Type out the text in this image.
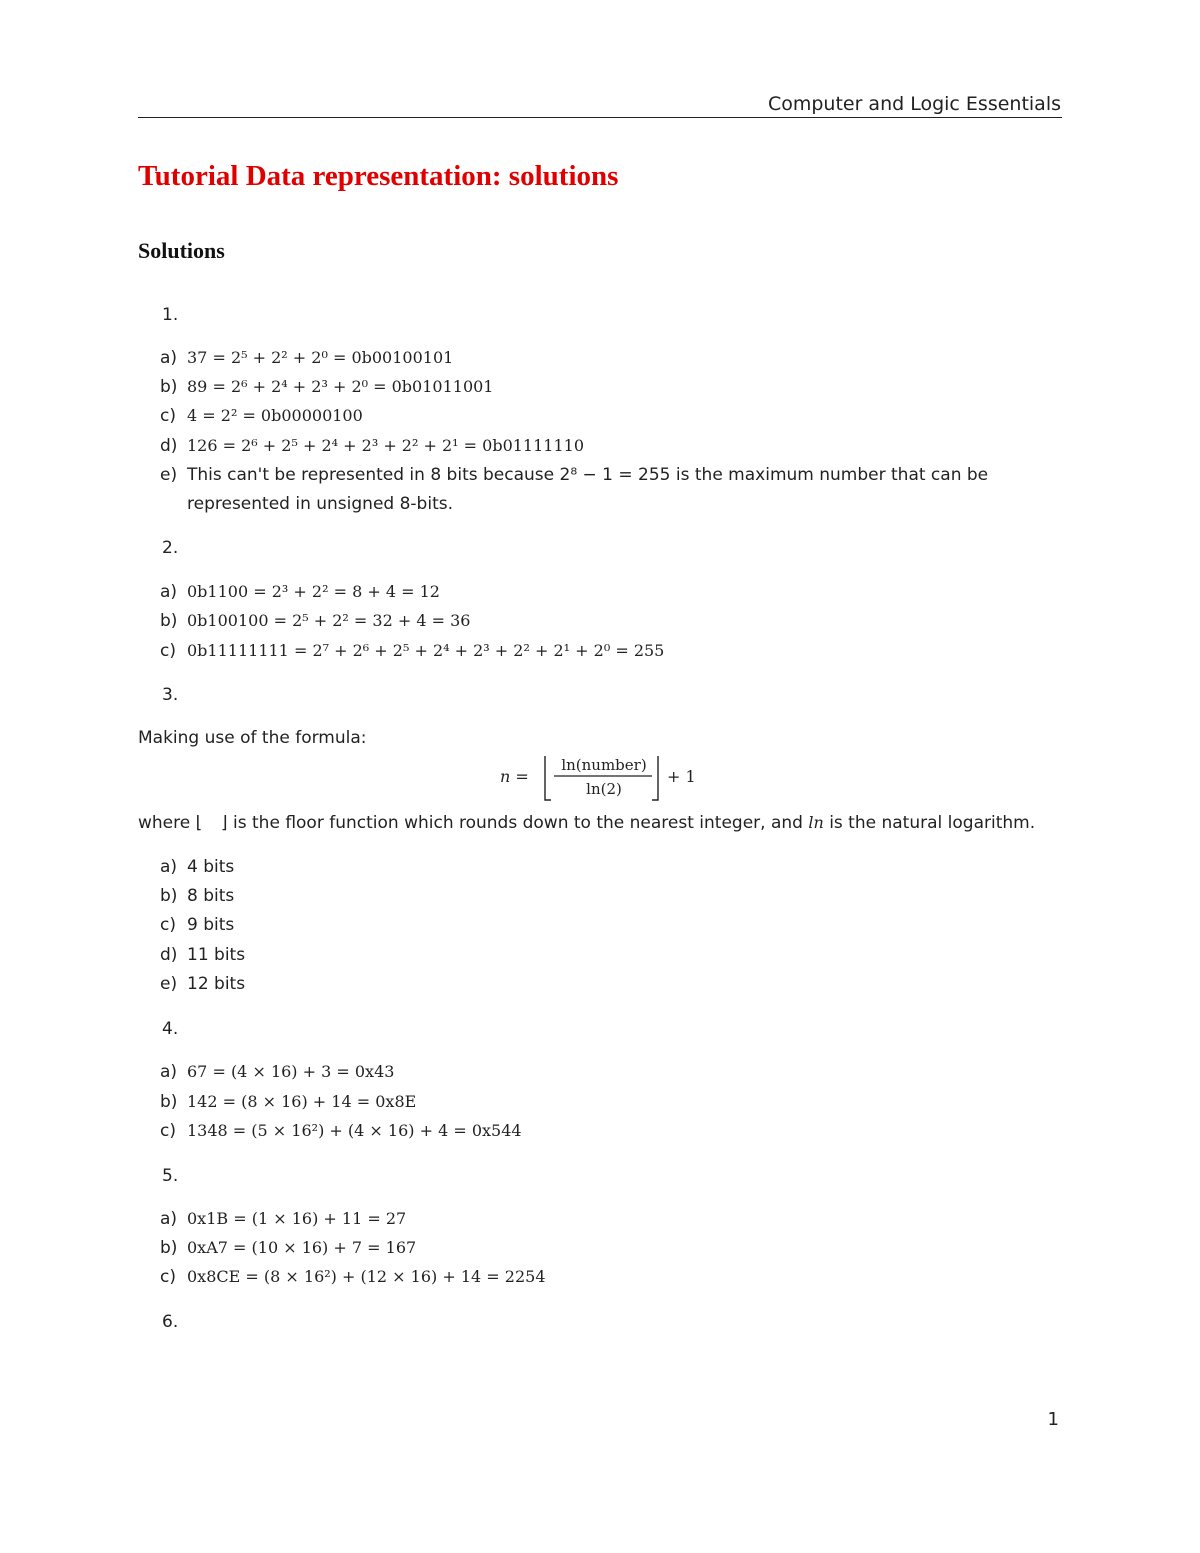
Computer and Logic Essentials
Tutorial Data representation: solutions
Solutions
1.
a) 37 = 2⁵ + 2² + 2⁰ = 0b00100101
b) 89 = 2⁶ + 2⁴ + 2³ + 2⁰ = 0b01011001
c) 4 = 2² = 0b00000100
d) 126 = 2⁶ + 2⁵ + 2⁴ + 2³ + 2² + 2¹ = 0b01111110
e) This can't be represented in 8 bits because 2⁸ − 1 = 255 is the maximum number that can be
represented in unsigned 8-bits.
2.
a) 0b1100 = 2³ + 2² = 8 + 4 = 12
b) 0b100100 = 2⁵ + 2² = 32 + 4 = 36
c) 0b11111111 = 2⁷ + 2⁶ + 2⁵ + 2⁴ + 2³ + 2² + 2¹ + 2⁰ = 255
3.
Making use of the formula:
n =
ln(number)
ln(2)
+ 1
where ⌊ ⌋ is the floor function which rounds down to the nearest integer, and ln is the natural logarithm.
a) 4 bits
b) 8 bits
c) 9 bits
d) 11 bits
e) 12 bits
4.
a) 67 = (4 × 16) + 3 = 0x43
b) 142 = (8 × 16) + 14 = 0x8E
c) 1348 = (5 × 16²) + (4 × 16) + 4 = 0x544
5.
a) 0x1B = (1 × 16) + 11 = 27
b) 0xA7 = (10 × 16) + 7 = 167
c) 0x8CE = (8 × 16²) + (12 × 16) + 14 = 2254
6.
1
